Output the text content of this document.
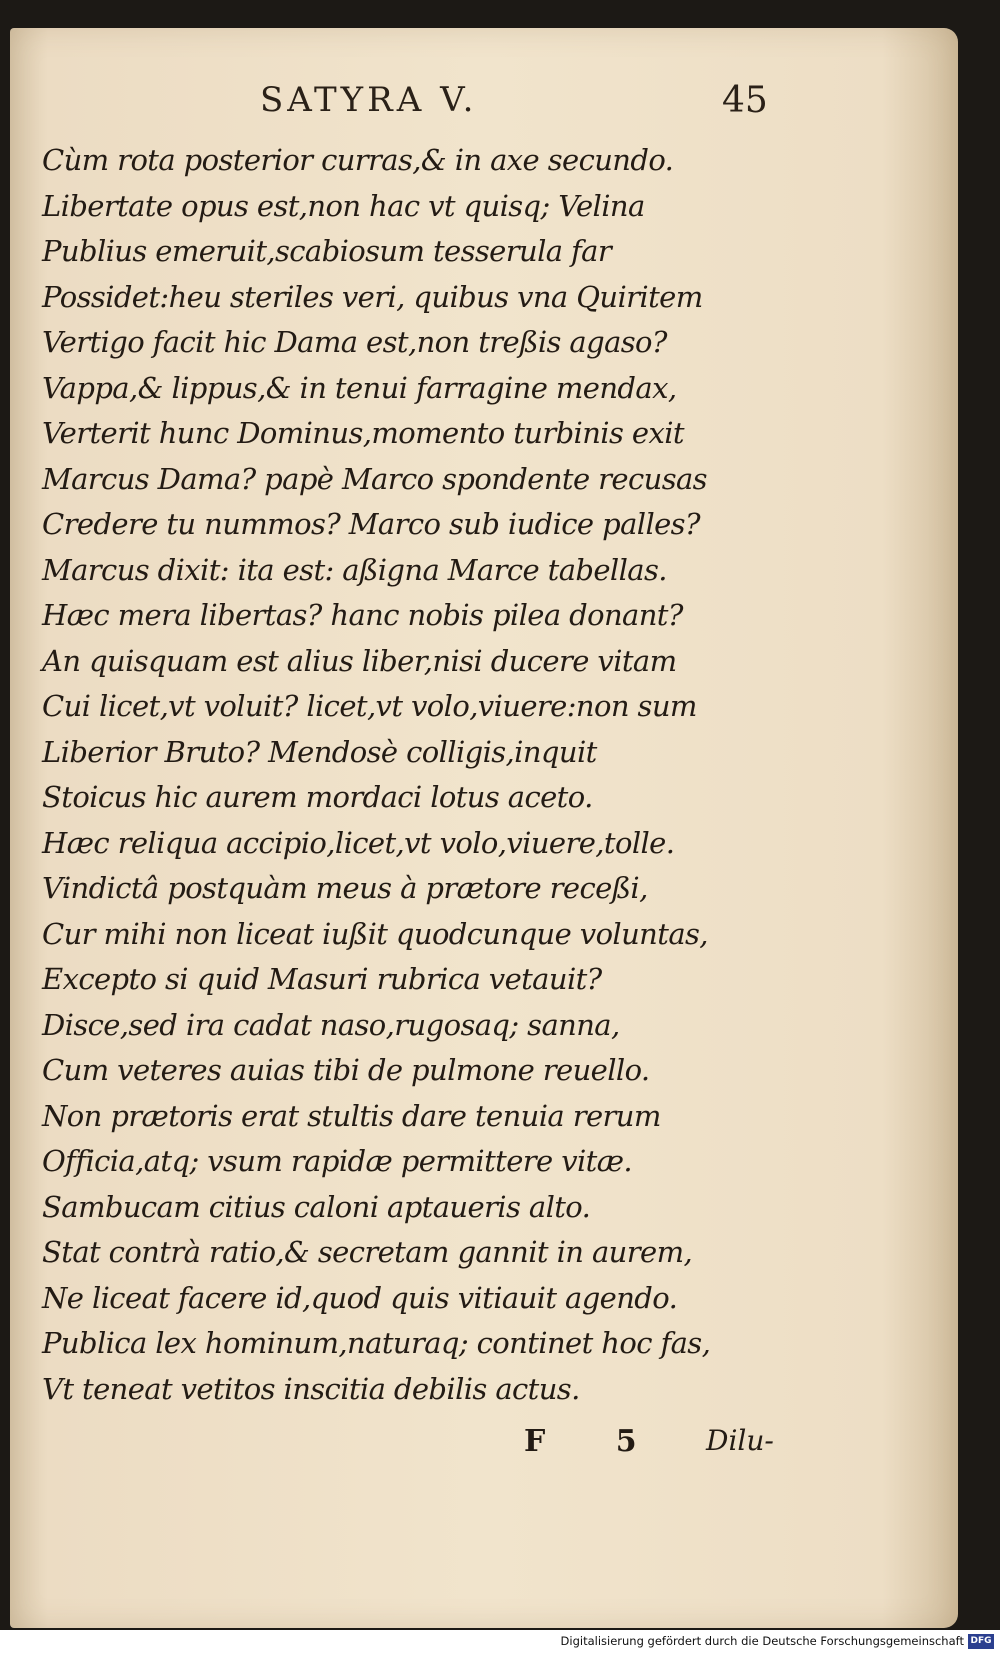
SATYRA V.	45
Cùm rota posterior curras,& in axe secundo.
Libertate opus est,non hac vt quisq; Velina
Publius emeruit,scabiosum tesserula far
Possidet:heu steriles veri, quibus vna Quiritem
Vertigo facit hic Dama est,non treßis agaso?
Vappa,& lippus,& in tenui farragine mendax,
Verterit hunc Dominus,momento turbinis exit
Marcus Dama? papè Marco spondente recusas
Credere tu nummos? Marco sub iudice palles?
Marcus dixit: ita est: aßigna Marce tabellas.
Hæc mera libertas? hanc nobis pilea donant?
An quisquam est alius liber,nisi ducere vitam
Cui licet,vt voluit? licet,vt volo,viuere:non sum
Liberior Bruto? Mendosè colligis,inquit
Stoicus hic aurem mordaci lotus aceto.
Hæc reliqua accipio,licet,vt volo,viuere,tolle.
Vindictâ postquàm meus à prætore receßi,
Cur mihi non liceat iußit quodcunque voluntas,
Excepto si quid Masuri rubrica vetauit?
Disce,sed ira cadat naso,rugosaq; sanna,
Cum veteres auias tibi de pulmone reuello.
Non prætoris erat stultis dare tenuia rerum
Officia,atq; vsum rapidæ permittere vitæ.
Sambucam citius caloni aptaueris alto.
Stat contrà ratio,& secretam gannit in aurem,
Ne liceat facere id,quod quis vitiauit agendo.
Publica lex hominum,naturaq; continet hoc fas,
Vt teneat vetitos inscitia debilis actus.
F 5 Dilu-
Digitalisierung gefördert durch die Deutsche Forschungsgemeinschaft DFG
